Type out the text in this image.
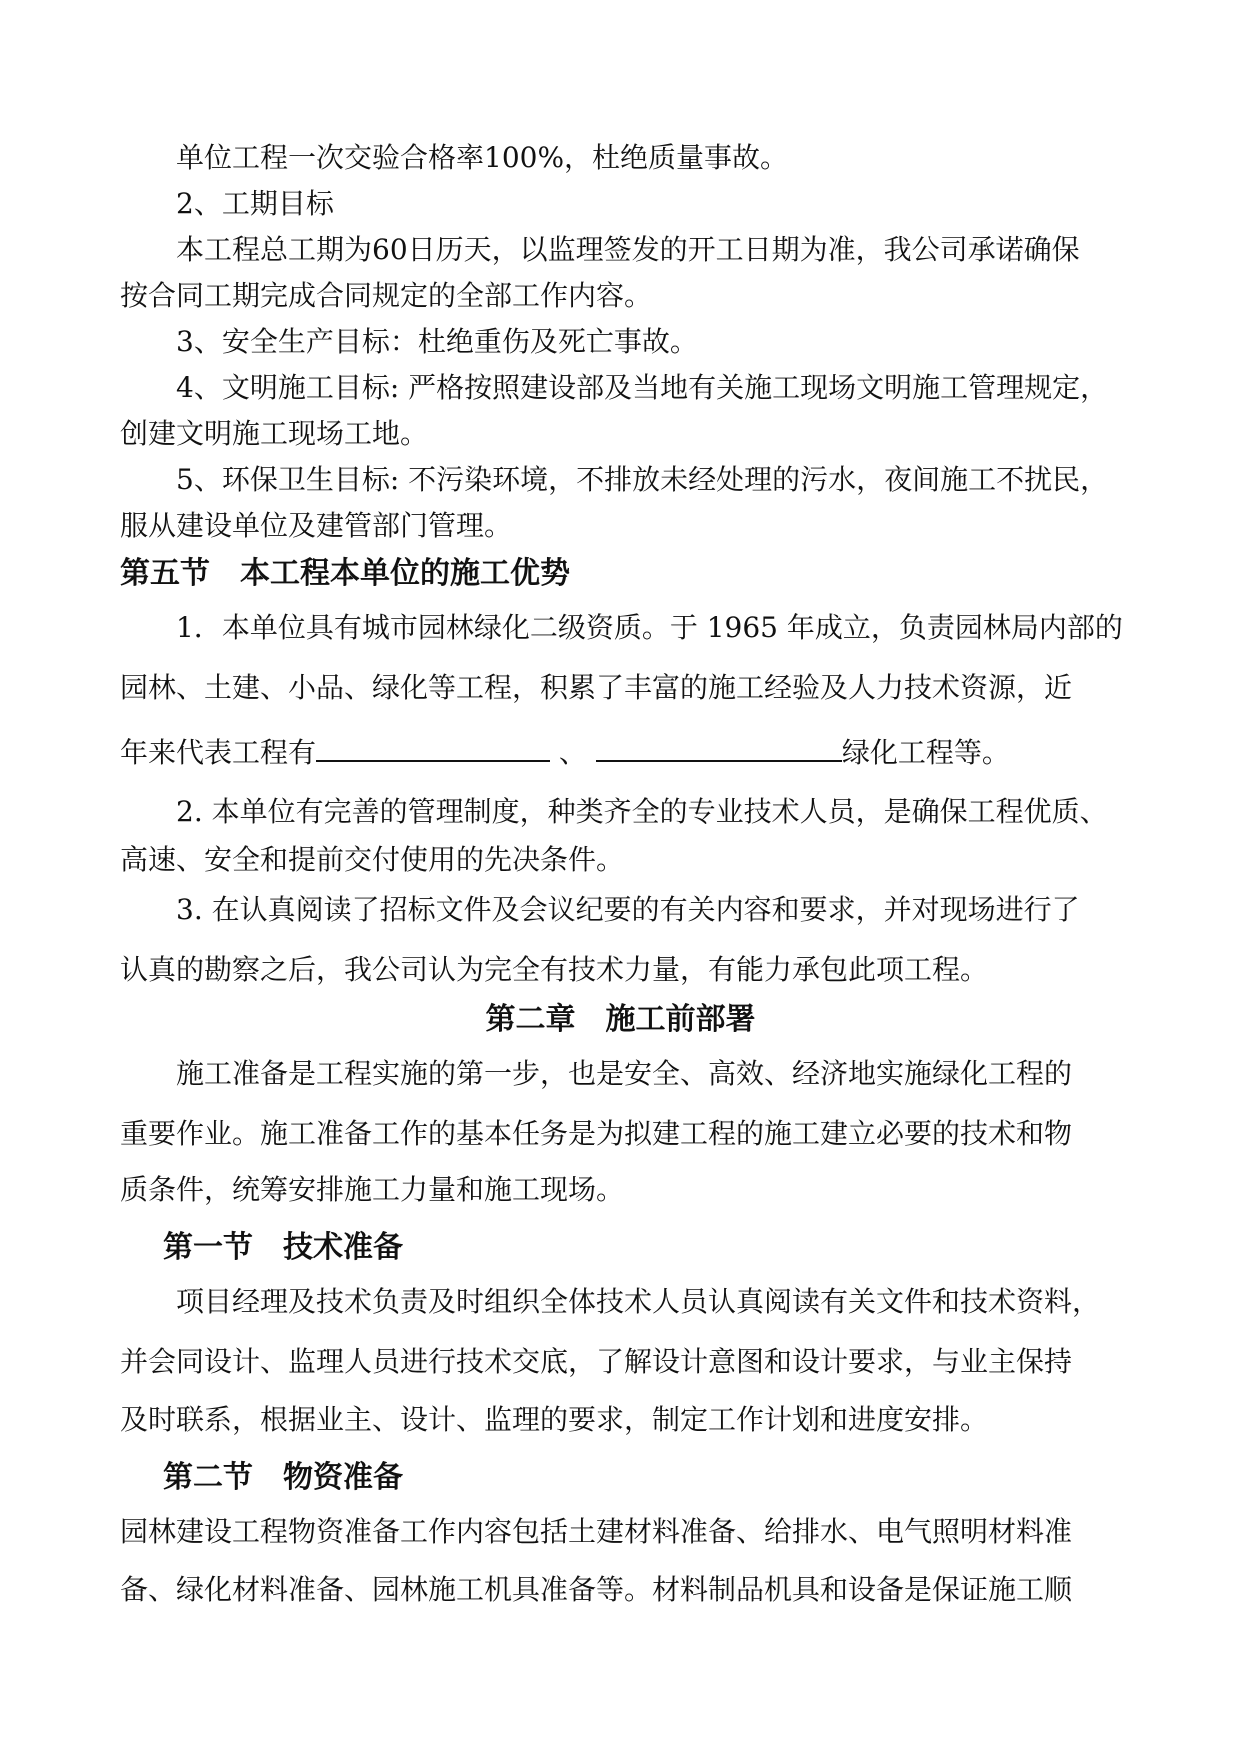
单位工程一次交验合格率100%，杜绝质量事故。
2、工期目标
本工程总工期为60日历天，以监理签发的开工日期为准，我公司承诺确保
按合同工期完成合同规定的全部工作内容。
3、安全生产目标：杜绝重伤及死亡事故。
4、文明施工目标: 严格按照建设部及当地有关施工现场文明施工管理规定，
创建文明施工现场工地。
5、环保卫生目标: 不污染环境，不排放未经处理的污水，夜间施工不扰民，
服从建设单位及建管部门管理。
第五节 本工程本单位的施工优势
1．本单位具有城市园林绿化二级资质。于 1965 年成立，负责园林局内部的
园林、土建、小品、绿化等工程，积累了丰富的施工经验及人力技术资源，近
年来代表工程有	、	绿化工程等。
2. 本单位有完善的管理制度，种类齐全的专业技术人员，是确保工程优质、
高速、安全和提前交付使用的先决条件。
3. 在认真阅读了招标文件及会议纪要的有关内容和要求，并对现场进行了
认真的勘察之后，我公司认为完全有技术力量，有能力承包此项工程。
第二章 施工前部署
施工准备是工程实施的第一步，也是安全、高效、经济地实施绿化工程的
重要作业。施工准备工作的基本任务是为拟建工程的施工建立必要的技术和物
质条件，统筹安排施工力量和施工现场。
第一节 技术准备
项目经理及技术负责及时组织全体技术人员认真阅读有关文件和技术资料，
并会同设计、监理人员进行技术交底，了解设计意图和设计要求，与业主保持
及时联系，根据业主、设计、监理的要求，制定工作计划和进度安排。
第二节 物资准备
园林建设工程物资准备工作内容包括土建材料准备、给排水、电气照明材料准
备、绿化材料准备、园林施工机具准备等。材料制品机具和设备是保证施工顺
